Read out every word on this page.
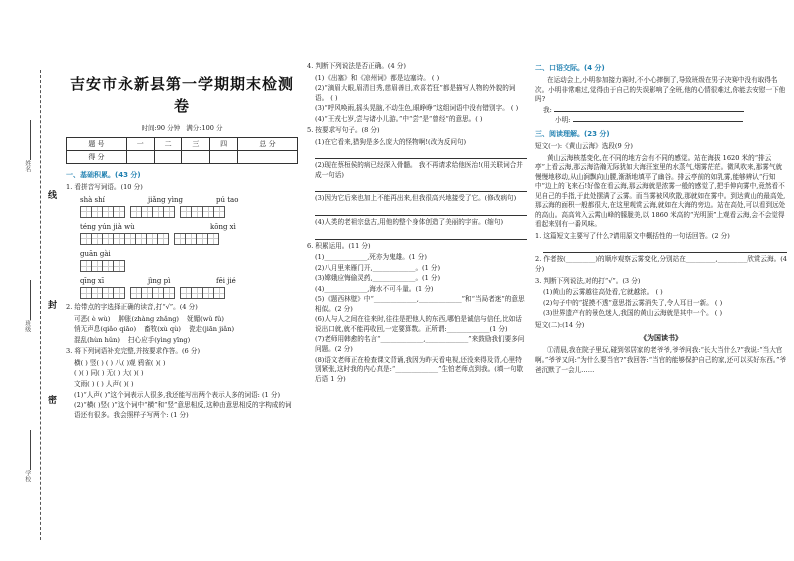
姓名
班级
学校
线
封
密
吉安市永新县第一学期期末检测卷
时间:90 分钟 满分:100 分
题 号	一	二	三	四	总 分
得 分					
一、基础积累。(43 分)
1. 看拼音写词语。(10 分)
shà shí	jiǎng yìng	pú tao
téng yún jià wù	kōng xì
guān gài
qīng xī	jìng pì	fēi jié
2. 给带点的字选择正确的读音,打“√”。(4 分)
可恶( è wù) 肿胀(zhàng zhǎng) 妩媚(wǔ fǔ)
悄无声息(qiǎo qiāo) 畜牧(xù qù) 瓷走(jiān jiǎn)
混乱(hùn hǔn) 扫心应手(yìng yīng)
3. 将下列词语补充完整,并按要求作答。(6 分)
横( ) 竖( ) ( ) 八( )观 鸦雀( )( )
( )( ) 同( ) 无( ) 大( )( )
文雨( ) ( ) 人声( )( )
(1)“人声( )”这个词表示人很多,我还能写出两个表示人多的词语: (1 分)
(2)“横( )竖( )”这个词中“横”和“竖”意思相反,这种由意思相反的字构成的词语还有很多。我会照样子写两个: (1 分)
4. 判断下列说法是否正确。(4 分)
(1)《出塞》和《凉州词》都是边塞诗。 ( )
(2)“滴眉大眼,眉清目秀,慈眉善目,欢喜若狂”都是描写人物的外貌的词语。 ( )
(3)“呼风唤雨,摇头晃脑,不动生色,眼睁睁”这组词语中没有错别字。 ( )
(4)“王戎七岁,尝与诸小儿游。”中“尝”是“曾经”的意思。( )
5. 按要求写句子。(8 分)
(1)在它看来,猎狗是多么庞大的怪物啊!(改为反问句)
(2)现在蔡桓侯的病已经深入骨髓。 我不再请求给他医治!(用关联词合并成一句话)
(3)因为它后来也加上不能再出来,但我很高兴地接受了它。(修改病句)
(4)人类的老祖宗盘古,用他的整个身体创造了美丽的宇宙。(缩句)
6. 积累运用。(11 分)
(1)_____________,死亦为鬼雄。(1 分)
(2)八月里来雁门开,_____________。(1 分)
(3)嫦娥应悔偷灵药,_____________。(1 分)
(4)_____________,海水不可斗量。(1 分)
(5)《题西林壁》中“_____________,_____________”和“当局者迷”的意思相似。(2 分)
(6)人与人之间在往来时,往往是把他人的东西,哪怕是诚信与信任,比如话说出口就,就不能再收回,一定要算数。正所谓:_____________(1 分)
(7)老师用韩愈的名言“_____________,_____________”来鼓励我们要多问问题。(2 分)
(8)语文老师正在检查课文背诵,我因为昨天看电视,还没来得及背,心里特别紧张,这时我的内心真是:“_____________”生怕老师点到我。(填一句歇后语 1 分)
二、口语交际。(4 分)
在运动会上,小明参加接力赛时,不小心摔倒了,导致班级在男子决赛中没有取得名次。小明非常难过,觉得由于自己的失误影响了全班,他的心情很难过,你能去安慰一下他吗?
我:
小明:
三、阅读理解。(23 分)
短文(一):《黄山云海》选段(9 分)
黄山云海核基变化,在不同的地方会有不同的感觉。站在海拔 1620 米的“排云亭”上看云海,那云海浩瀚无际犹如大海汪室里的水蒸气,烟雾茫茫。微风吹来,那雾气就慢慢地移动,从山涧飘向山腰,渐渐地填平了幽谷。排云亭前的如乳雾,能够辨认“行知中”边上的飞来石!好像在看云海,那云海就是浓雾一般的感觉了,把手伸向雾中,竟然看不见自己的手指,于此处摆满了云雾。而当雾被风吹散,那就如在雾中。到达黄山的最高处,那云海的面积一般都很大,在这里观赏云海,就如在大海的旁边。站在高处,可以看到远处的高山。高高耸入云霄山峰的朦胧美,以 1860 米高的“光明顶”上观看云海,会不会觉得看起来别有一番风味。
1. 这篇短文主要写了什么?请用原文中概括性的一句话回答。(2 分)
2. 作者按(_________)的顺序观察云雾变化,分别站在_________,_________欣赏云海。(4 分)
3. 判断下列说法,对的打“√”。(3 分)
(1)黄山的云雾越往高处看,它就越浓。 ( )
(2)句子中的“捉摸不透”意思指云雾消失了,令人耳目一新。 ( )
(3)世界遗产有的景色迷人,我国的黄山云海就是其中一个。 ( )
短文(二):(14 分)
《为国读书》
①清晨,我在院子里玩,碰到邻居家的老爷爷,爷爷问我:“长大当什么?”我说:“当大官啊。”爷爷又问:“为什么要当官?”我回答:“当官的能够保护自己的家,还可以买好东西。”爷爸沉默了一会儿……
